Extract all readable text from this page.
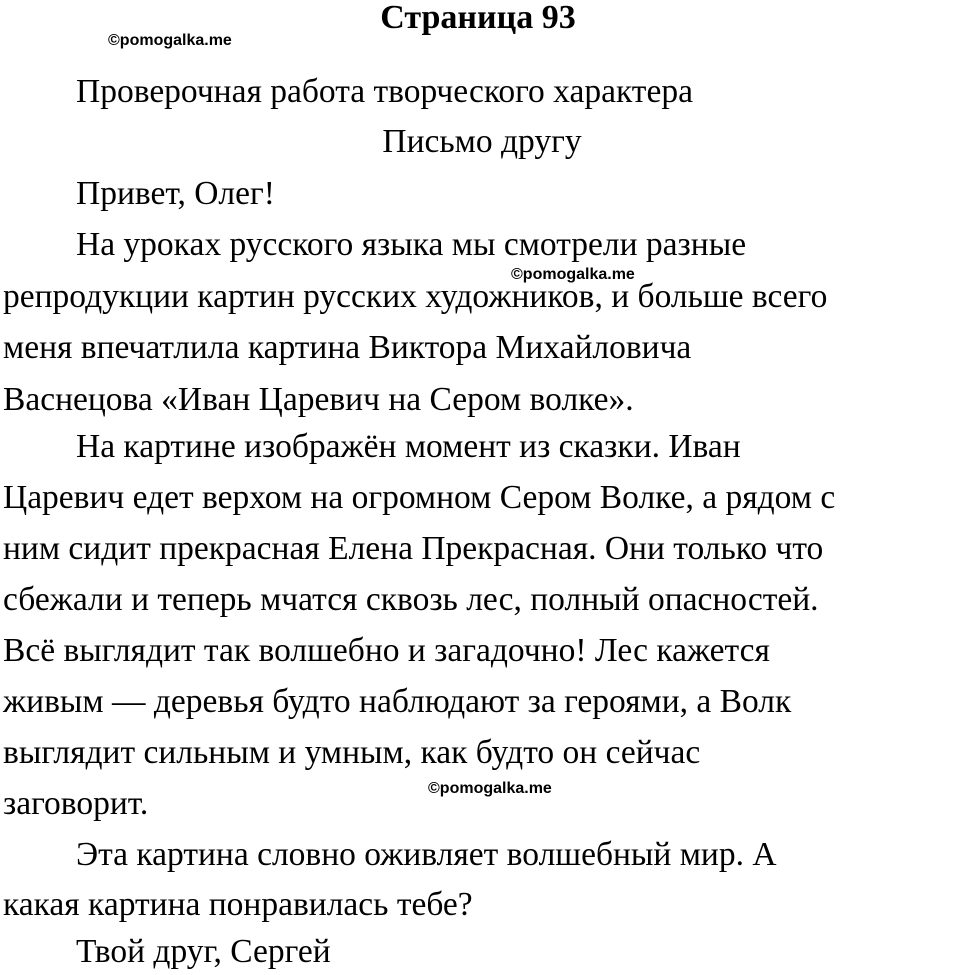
Страница 93
©pomogalka.me

Проверочная работа творческого характера

Письмо другу

Привет, Олег!

На уроках русского языка мы смотрели разные

©pomogalka.me

репродукции картин русских художников, и больше всего

меня впечатлила картина Виктора Михайловича

Васнецова «Иван Царевич на Сером волке».

На картине изображён момент из сказки. Иван

Царевич едет верхом на огромном Сером Волке, а рядом с

ним сидит прекрасная Елена Прекрасная. Они только что

сбежали и теперь мчатся сквозь лес, полный опасностей.

Всё выглядит так волшебно и загадочно! Лес кажется

живым — деревья будто наблюдают за героями, а Волк

выглядит сильным и умным, как будто он сейчас

©pomogalka.me

заговорит.

Эта картина словно оживляет волшебный мир. А

какая картина понравилась тебе?

Твой друг, Сергей
